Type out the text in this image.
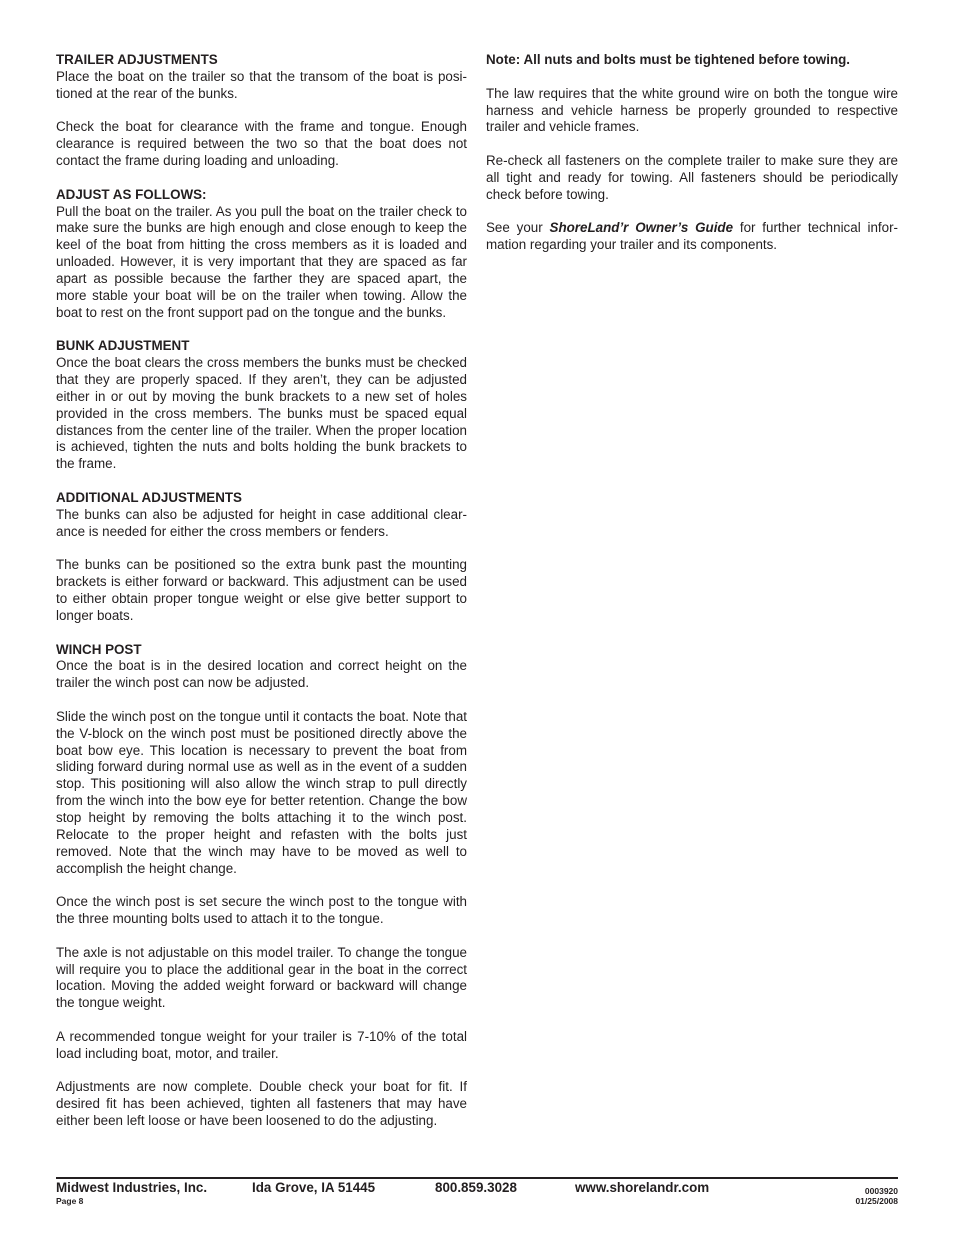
TRAILER ADJUSTMENTS

Place the boat on the trailer so that the transom of the boat is positioned at the rear of the bunks.

Check the boat for clearance with the frame and tongue. Enough clearance is required between the two so that the boat does not contact the frame during loading and unloading.

ADJUST AS FOLLOWS:

Pull the boat on the trailer. As you pull the boat on the trailer check to make sure the bunks are high enough and close enough to keep the keel of the boat from hitting the cross members as it is loaded and unloaded. However, it is very important that they are spaced as far apart as possible because the farther they are spaced apart, the more stable your boat will be on the trailer when towing. Allow the boat to rest on the front support pad on the tongue and the bunks.

BUNK ADJUSTMENT

Once the boat clears the cross members the bunks must be checked that they are properly spaced. If they aren’t, they can be adjusted either in or out by moving the bunk brackets to a new set of holes provided in the cross members. The bunks must be spaced equal distances from the center line of the trailer. When the proper location is achieved, tighten the nuts and bolts holding the bunk brackets to the frame.

ADDITIONAL ADJUSTMENTS

The bunks can also be adjusted for height in case additional clearance is needed for either the cross members or fenders.

The bunks can be positioned so the extra bunk past the mounting brackets is either forward or backward. This adjustment can be used to either obtain proper tongue weight or else give better support to longer boats.

WINCH POST

Once the boat is in the desired location and correct height on the trailer the winch post can now be adjusted.

Slide the winch post on the tongue until it contacts the boat. Note that the V-block on the winch post must be positioned directly above the boat bow eye. This location is necessary to prevent the boat from sliding forward during normal use as well as in the event of a sudden stop. This positioning will also allow the winch strap to pull directly from the winch into the bow eye for better retention. Change the bow stop height by removing the bolts attaching it to the winch post. Relocate to the proper height and refasten with the bolts just removed. Note that the winch may have to be moved as well to accomplish the height change.

Once the winch post is set secure the winch post to the tongue with the three mounting bolts used to attach it to the tongue.

The axle is not adjustable on this model trailer. To change the tongue will require you to place the additional gear in the boat in the correct location. Moving the added weight forward or backward will change the tongue weight.

A recommended tongue weight for your trailer is 7-10% of the total load including boat, motor, and trailer.

Adjustments are now complete. Double check your boat for fit. If desired fit has been achieved, tighten all fasteners that may have either been left loose or have been loosened to do the adjusting.

Note: All nuts and bolts must be tightened before towing.

The law requires that the white ground wire on both the tongue wire harness and vehicle harness be properly grounded to respective trailer and vehicle frames.

Re-check all fasteners on the complete trailer to make sure they are all tight and ready for towing. All fasteners should be periodically check before towing.

See your ShoreLand’r Owner’s Guide for further technical information regarding your trailer and its components.

Midwest Industries, Inc.	Ida Grove, IA 51445	800.859.3028	www.shorelandr.com
Page 8
0003920
01/25/2008
